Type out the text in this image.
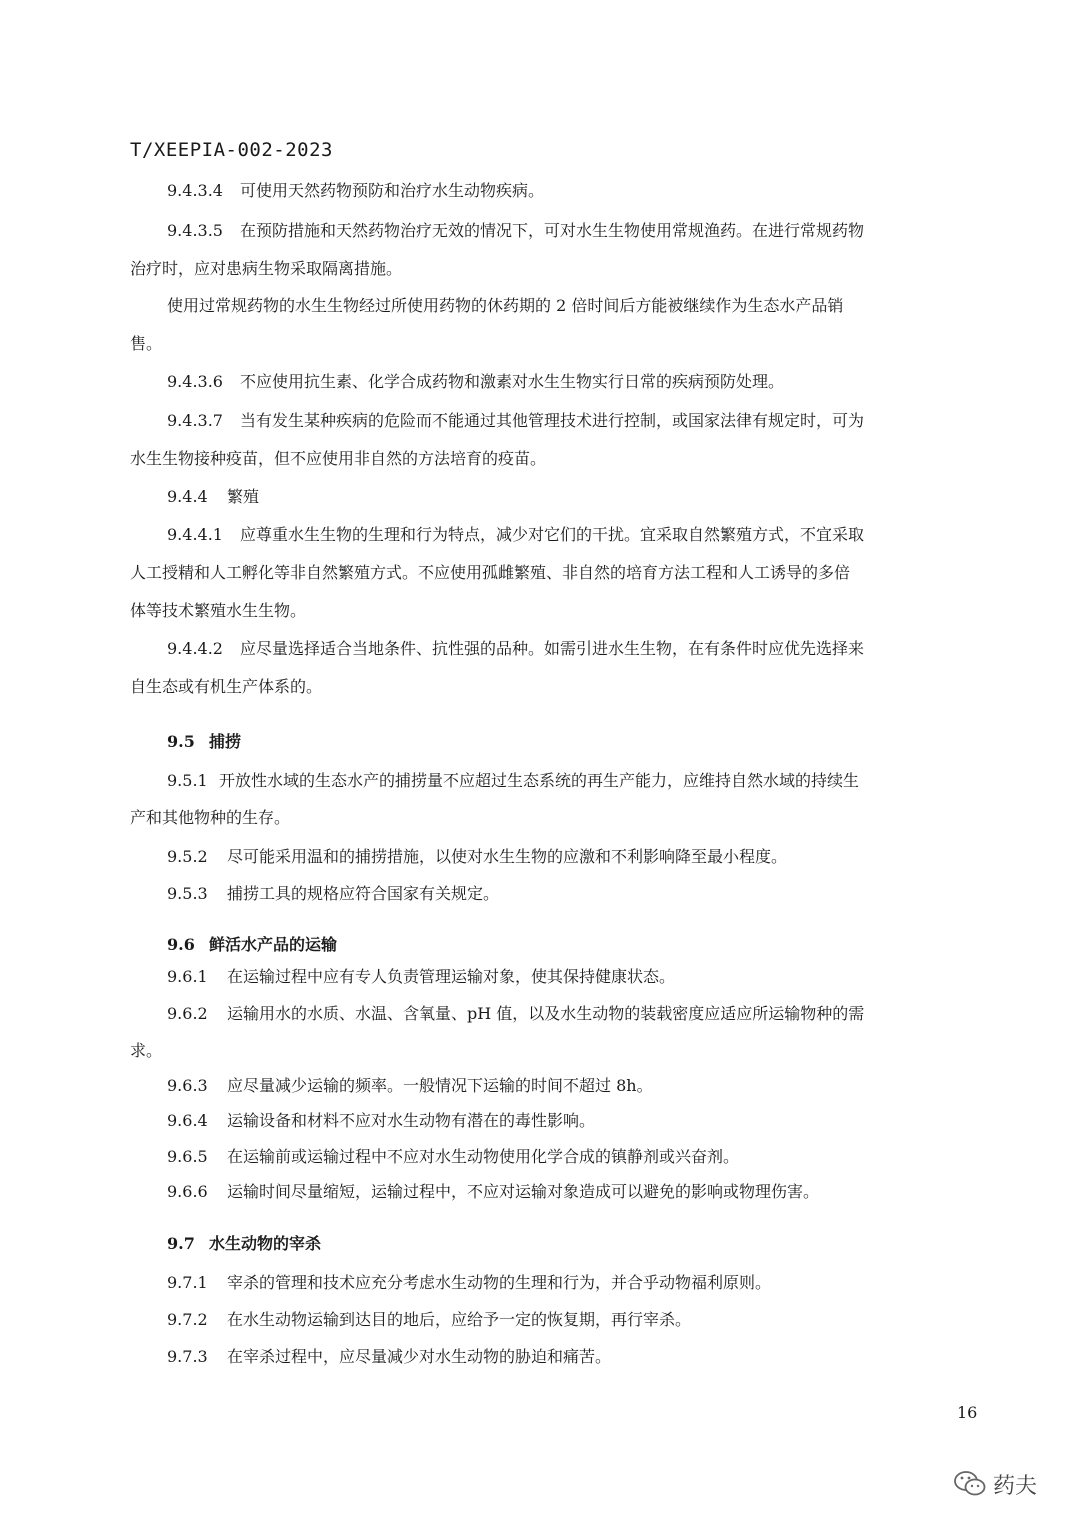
T/XEEPIA-002-2023
9.4.3.4 可使用天然药物预防和治疗水生动物疾病。
9.4.3.5 在预防措施和天然药物治疗无效的情况下，可对水生生物使用常规渔药。在进行常规药物
治疗时，应对患病生物采取隔离措施。
使用过常规药物的水生生物经过所使用药物的休药期的 2 倍时间后方能被继续作为生态水产品销
售。
9.4.3.6 不应使用抗生素、化学合成药物和激素对水生生物实行日常的疾病预防处理。
9.4.3.7 当有发生某种疾病的危险而不能通过其他管理技术进行控制，或国家法律有规定时，可为
水生生物接种疫苗，但不应使用非自然的方法培育的疫苗。
9.4.4 繁殖
9.4.4.1 应尊重水生生物的生理和行为特点，减少对它们的干扰。宜采取自然繁殖方式，不宜采取
人工授精和人工孵化等非自然繁殖方式。不应使用孤雌繁殖、非自然的培育方法工程和人工诱导的多倍
体等技术繁殖水生生物。
9.4.4.2 应尽量选择适合当地条件、抗性强的品种。如需引进水生生物，在有条件时应优先选择来
自生态或有机生产体系的。
9.5 捕捞
9.5.1 开放性水域的生态水产的捕捞量不应超过生态系统的再生产能力，应维持自然水域的持续生
产和其他物种的生存。
9.5.2 尽可能采用温和的捕捞措施，以使对水生生物的应激和不利影响降至最小程度。
9.5.3 捕捞工具的规格应符合国家有关规定。
9.6 鲜活水产品的运输
9.6.1 在运输过程中应有专人负责管理运输对象，使其保持健康状态。
9.6.2 运输用水的水质、水温、含氧量、pH 值，以及水生动物的装载密度应适应所运输物种的需
求。
9.6.3 应尽量减少运输的频率。一般情况下运输的时间不超过 8h。
9.6.4 运输设备和材料不应对水生动物有潜在的毒性影响。
9.6.5 在运输前或运输过程中不应对水生动物使用化学合成的镇静剂或兴奋剂。
9.6.6 运输时间尽量缩短，运输过程中，不应对运输对象造成可以避免的影响或物理伤害。
9.7 水生动物的宰杀
9.7.1 宰杀的管理和技术应充分考虑水生动物的生理和行为，并合乎动物福利原则。
9.7.2 在水生动物运输到达目的地后，应给予一定的恢复期，再行宰杀。
9.7.3 在宰杀过程中，应尽量减少对水生动物的胁迫和痛苦。
16
药夫
